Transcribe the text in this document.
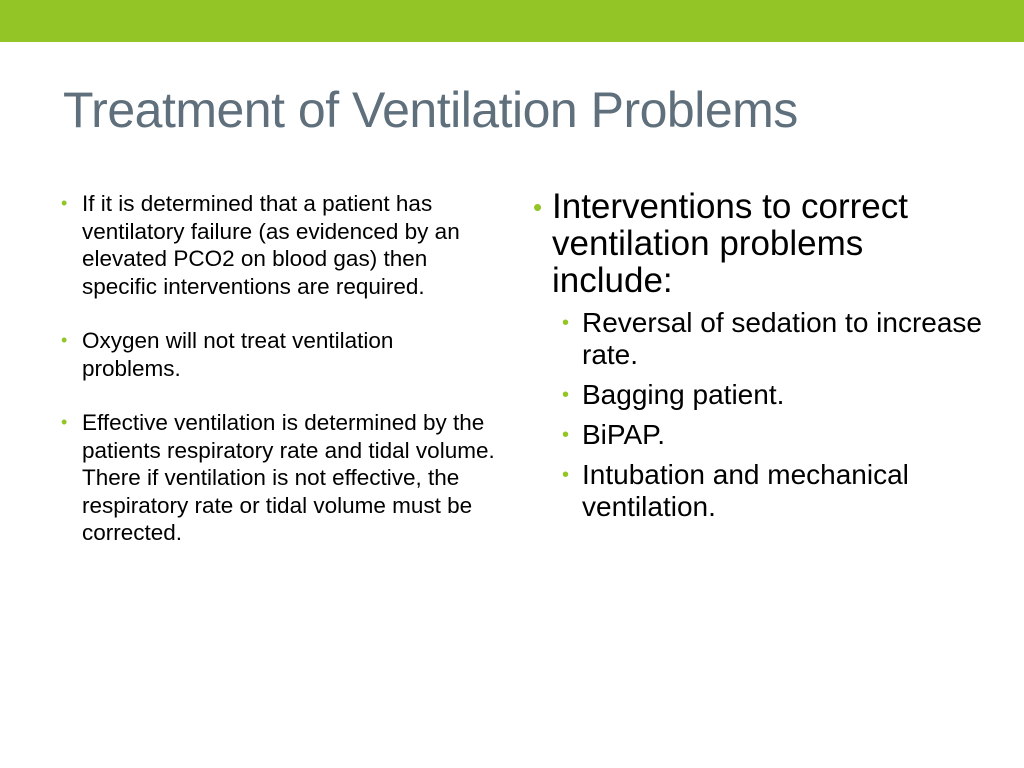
Treatment of Ventilation Problems
• If it is determined that a patient has ventilatory failure (as evidenced by an elevated PCO2 on blood gas) then specific interventions are required.
• Oxygen will not treat ventilation problems.
• Effective ventilation is determined by the patients respiratory rate and tidal volume. There if ventilation is not effective, the respiratory rate or tidal volume must be corrected.
• Interventions to correct ventilation problems include:
• Reversal of sedation to increase rate.
• Bagging patient.
• BiPAP.
• Intubation and mechanical ventilation.
